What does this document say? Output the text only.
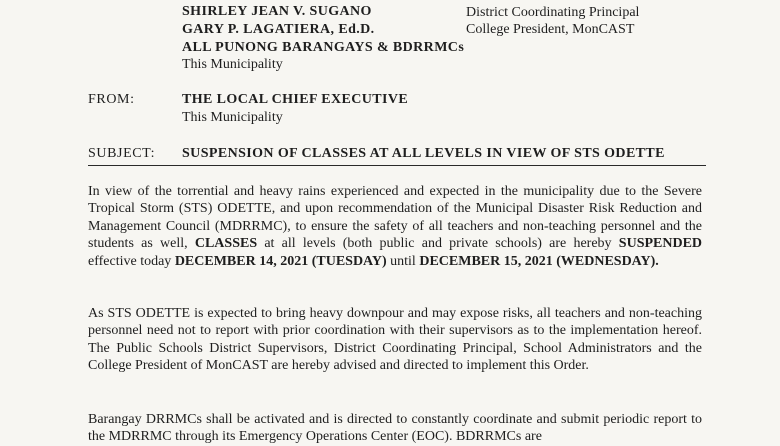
SHIRLEY JEAN V. SUGANO
GARY P. LAGATIERA, Ed.D.
ALL PUNONG BARANGAYS & BDRRMCs
This Municipality
District Coordinating Principal
College President, MonCAST
FROM:	THE LOCAL CHIEF EXECUTIVE
This Municipality
SUBJECT: SUSPENSION OF CLASSES AT ALL LEVELS IN VIEW OF STS ODETTE
In view of the torrential and heavy rains experienced and expected in the municipality due to the Severe Tropical Storm (STS) ODETTE, and upon recommendation of the Municipal Disaster Risk Reduction and Management Council (MDRRMC), to ensure the safety of all teachers and non-teaching personnel and the students as well, CLASSES at all levels (both public and private schools) are hereby SUSPENDED effective today DECEMBER 14, 2021 (TUESDAY) until DECEMBER 15, 2021 (WEDNESDAY).
As STS ODETTE is expected to bring heavy downpour and may expose risks, all teachers and non-teaching personnel need not to report with prior coordination with their supervisors as to the implementation hereof. The Public Schools District Supervisors, District Coordinating Principal, School Administrators and the College President of MonCAST are hereby advised and directed to implement this Order.
Barangay DRRMCs shall be activated and is directed to constantly coordinate and submit periodic report to the MDRRMC through its Emergency Operations Center (EOC). BDRRMCs are
